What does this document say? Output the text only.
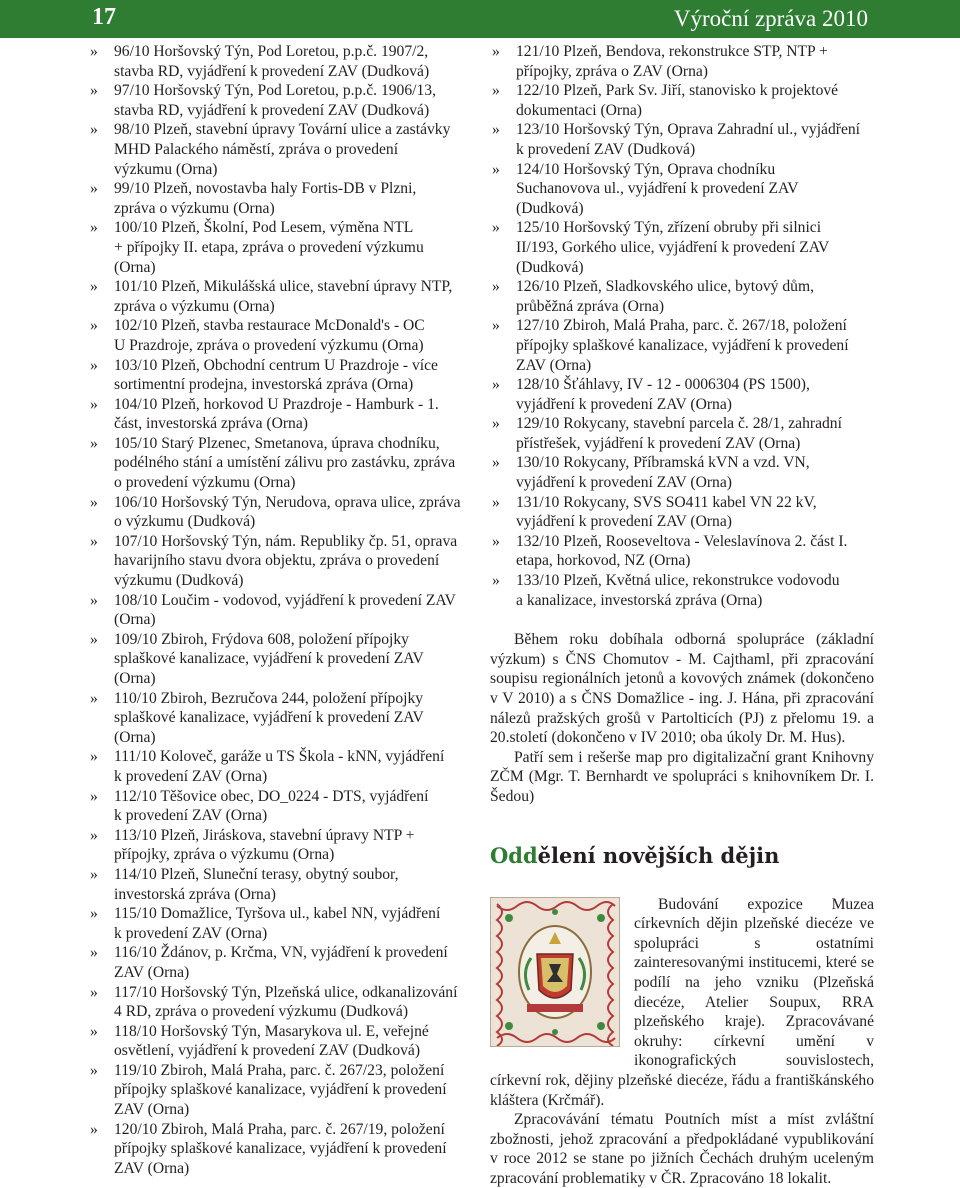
17	Výroční zpráva 2010
» 96/10 Horšovský Týn, Pod Loretou, p.p.č. 1907/2,
stavba RD, vyjádření k provedení ZAV (Dudková)
» 97/10 Horšovský Týn, Pod Loretou, p.p.č. 1906/13,
stavba RD, vyjádření k provedení ZAV (Dudková)
» 98/10 Plzeň, stavební úpravy Tovární ulice a zastávky
MHD Palackého náměstí, zpráva o provedení
výzkumu (Orna)
» 99/10 Plzeň, novostavba haly Fortis-DB v Plzni,
zpráva o výzkumu (Orna)
» 100/10 Plzeň, Školní, Pod Lesem, výměna NTL
+ přípojky II. etapa, zpráva o provedení výzkumu
(Orna)
» 101/10 Plzeň, Mikulášská ulice, stavební úpravy NTP,
zpráva o výzkumu (Orna)
» 102/10 Plzeň, stavba restaurace McDonald's - OC
U Prazdroje, zpráva o provedení výzkumu (Orna)
» 103/10 Plzeň, Obchodní centrum U Prazdroje - více
sortimentní prodejna, investorská zpráva (Orna)
» 104/10 Plzeň, horkovod U Prazdroje - Hamburk - 1.
část, investorská zpráva (Orna)
» 105/10 Starý Plzenec, Smetanova, úprava chodníku,
podélného stání a umístění zálivu pro zastávku, zpráva
o provedení výzkumu (Orna)
» 106/10 Horšovský Týn, Nerudova, oprava ulice, zpráva
o výzkumu (Dudková)
» 107/10 Horšovský Týn, nám. Republiky čp. 51, oprava
havarijního stavu dvora objektu, zpráva o provedení
výzkumu (Dudková)
» 108/10 Loučim - vodovod, vyjádření k provedení ZAV
(Orna)
» 109/10 Zbiroh, Frýdova 608, položení přípojky
splaškové kanalizace, vyjádření k provedení ZAV
(Orna)
» 110/10 Zbiroh, Bezručova 244, položení přípojky
splaškové kanalizace, vyjádření k provedení ZAV
(Orna)
» 111/10 Koloveč, garáže u TS Škola - kNN, vyjádření
k provedení ZAV (Orna)
» 112/10 Těšovice obec, DO_0224 - DTS, vyjádření
k provedení ZAV (Orna)
» 113/10 Plzeň, Jiráskova, stavební úpravy NTP +
přípojky, zpráva o výzkumu (Orna)
» 114/10 Plzeň, Sluneční terasy, obytný soubor,
investorská zpráva (Orna)
» 115/10 Domažlice, Tyršova ul., kabel NN, vyjádření
k provedení ZAV (Orna)
» 116/10 Ždánov, p. Krčma, VN, vyjádření k provedení
ZAV (Orna)
» 117/10 Horšovský Týn, Plzeňská ulice, odkanalizování
4 RD, zpráva o provedení výzkumu (Dudková)
» 118/10 Horšovský Týn, Masarykova ul. E, veřejné
osvětlení, vyjádření k provedení ZAV (Dudková)
» 119/10 Zbiroh, Malá Praha, parc. č. 267/23, položení
přípojky splaškové kanalizace, vyjádření k provedení
ZAV (Orna)
» 120/10 Zbiroh, Malá Praha, parc. č. 267/19, položení
přípojky splaškové kanalizace, vyjádření k provedení
ZAV (Orna)
» 121/10 Plzeň, Bendova, rekonstrukce STP, NTP +
přípojky, zpráva o ZAV (Orna)
» 122/10 Plzeň, Park Sv. Jiří, stanovisko k projektové
dokumentaci (Orna)
» 123/10 Horšovský Týn, Oprava Zahradní ul., vyjádření
k provedení ZAV (Dudková)
» 124/10 Horšovský Týn, Oprava chodníku
Suchanovova ul., vyjádření k provedení ZAV
(Dudková)
» 125/10 Horšovský Týn, zřízení obruby při silnici
II/193, Gorkého ulice, vyjádření k provedení ZAV
(Dudková)
» 126/10 Plzeň, Sladkovského ulice, bytový dům,
průběžná zpráva (Orna)
» 127/10 Zbiroh, Malá Praha, parc. č. 267/18, položení
přípojky splaškové kanalizace, vyjádření k provedení
ZAV (Orna)
» 128/10 Šťáhlavy, IV - 12 - 0006304 (PS 1500),
vyjádření k provedení ZAV (Orna)
» 129/10 Rokycany, stavební parcela č. 28/1, zahradní
přístřešek, vyjádření k provedení ZAV (Orna)
» 130/10 Rokycany, Příbramská kVN a vzd. VN,
vyjádření k provedení ZAV (Orna)
» 131/10 Rokycany, SVS SO411 kabel VN 22 kV,
vyjádření k provedení ZAV (Orna)
» 132/10 Plzeň, Rooseveltova - Veleslavínova 2. část I.
etapa, horkovod, NZ (Orna)
» 133/10 Plzeň, Květná ulice, rekonstrukce vodovodu
a kanalizace, investorská zpráva (Orna)

Během roku dobíhala odborná spolupráce (základní výzkum) s ČNS Chomutov - M. Cajthaml, při zpracování soupisu regionálních jetonů a kovových známek (dokončeno v V 2010) a s ČNS Domažlice - ing. J. Hána, při zpracování nálezů pražských grošů v Partolticích (PJ) z přelomu 19. a 20.století (dokončeno v IV 2010; oba úkoly Dr. M. Hus).

Patří sem i rešerše map pro digitalizační grant Knihovny ZČM (Mgr. T. Bernhardt ve spolupráci s knihovníkem Dr. I. Šedou)

Oddělení novějších dějin

Budování expozice Muzea církevních dějin plzeňské diecéze ve spolupráci s ostatními zainteresovanými institucemi, které se podílí na jeho vzniku (Plzeňská diecéze, Atelier Soupux, RRA plzeňského kraje). Zpracovávané okruhy: církevní umění v ikonografických souvislostech, církevní rok, dějiny plzeňské diecéze, řádu a františkánského kláštera (Krčmář).

Zpracovávání tématu Poutních míst a míst zvláštní zbožnosti, jehož zpracování a předpokládané vypublikování v roce 2012 se stane po jižních Čechách druhým uceleným zpracování problematiky v ČR. Zpracováno 18 lokalit.
